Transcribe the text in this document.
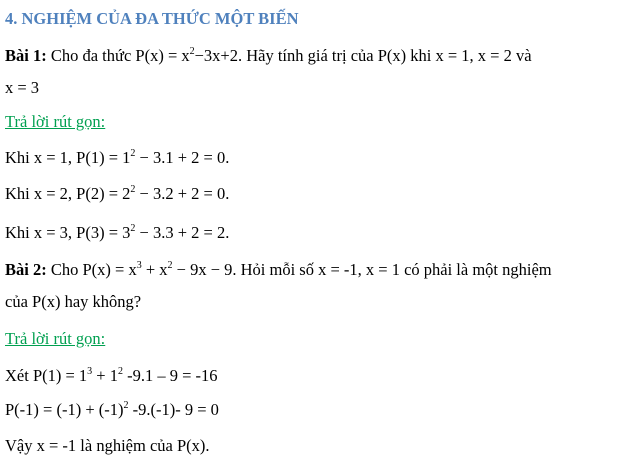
4. NGHIỆM CỦA ĐA THỨC MỘT BIẾN
Bài 1: Cho đa thức $P(x) = x^2-3x+2$. Hãy tính giá trị của P(x) khi x = 1, x = 2 và
x = 3
Trả lời rút gọn:
Khi x = 1, $P(1) = 1^2 - 3.1 + 2 = 0$.
Khi x = 2, $P(2) = 2^2 - 3.2 + 2 = 0$.
Khi x = 3, $P(3) = 3^2 - 3.3 + 2 = 2$.
Bài 2: Cho $P(x) = x^3 + x^2 - 9x - 9$. Hỏi mỗi số x = -1, x = 1 có phải là một nghiệm
của P(x) hay không?
Trả lời rút gọn:
Xét $P(1) = 1^3 + 1^2$ -9.1 – 9 = -16
$P(-1) = (-1) + (-1)^2$ -9.(-1)- 9 = 0
Vậy x = -1 là nghiệm của P(x).
